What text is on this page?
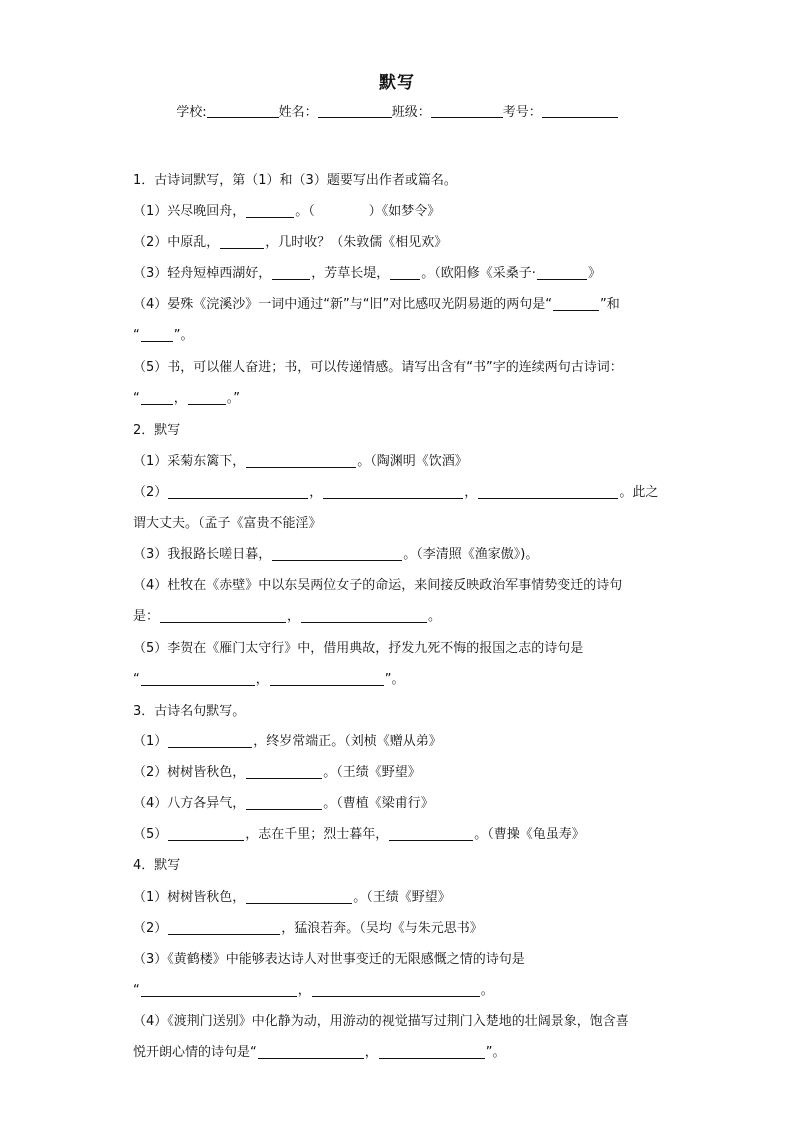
默写
学校:	姓名：	班级：	考号：
1．古诗词默写，第（1）和（3）题要写出作者或篇名。
（1）兴尽晚回舟，	。（	）《如梦令》
（2）中原乱，	，几时收？（朱敦儒《相见欢》
（3）轻舟短棹西湖好，	，芳草长堤， 。（欧阳修《采桑子·	》
（4）晏殊《浣溪沙》一词中通过“新”与“旧”对比感叹光阴易逝的两句是“	”和
“	”。
（5）书，可以催人奋进；书，可以传递情感。请写出含有“书”字的连续两句古诗词：
“	，	。”
2．默写
（1）采菊东篱下，	。（陶渊明《饮酒》
（2）	，	，	。此之
谓大丈夫。（孟子《富贵不能淫》
（3）我报路长嗟日暮，	。（李清照《渔家傲》)。
（4）杜牧在《赤壁》中以东吴两位女子的命运，来间接反映政治军事情势变迁的诗句
是：	，	。
（5）李贺在《雁门太守行》中，借用典故，抒发九死不悔的报国之志的诗句是
“	，	”。
3．古诗名句默写。
（1）	，终岁常端正。（刘桢《赠从弟》
（2）树树皆秋色，	。（王绩《野望》
（4）八方各异气，	。（曹植《梁甫行》
（5）	，志在千里；烈士暮年，	。（曹操《龟虽寿》
4．默写
（1）树树皆秋色，	。（王绩《野望》
（2）	，猛浪若奔。（吴均《与朱元思书》
（3）《黄鹤楼》中能够表达诗人对世事变迁的无限感慨之情的诗句是
“	，	。
（4）《渡荆门送别》中化静为动，用游动的视觉描写过荆门入楚地的壮阔景象，饱含喜
悦开朗心情的诗句是“	，	”。
